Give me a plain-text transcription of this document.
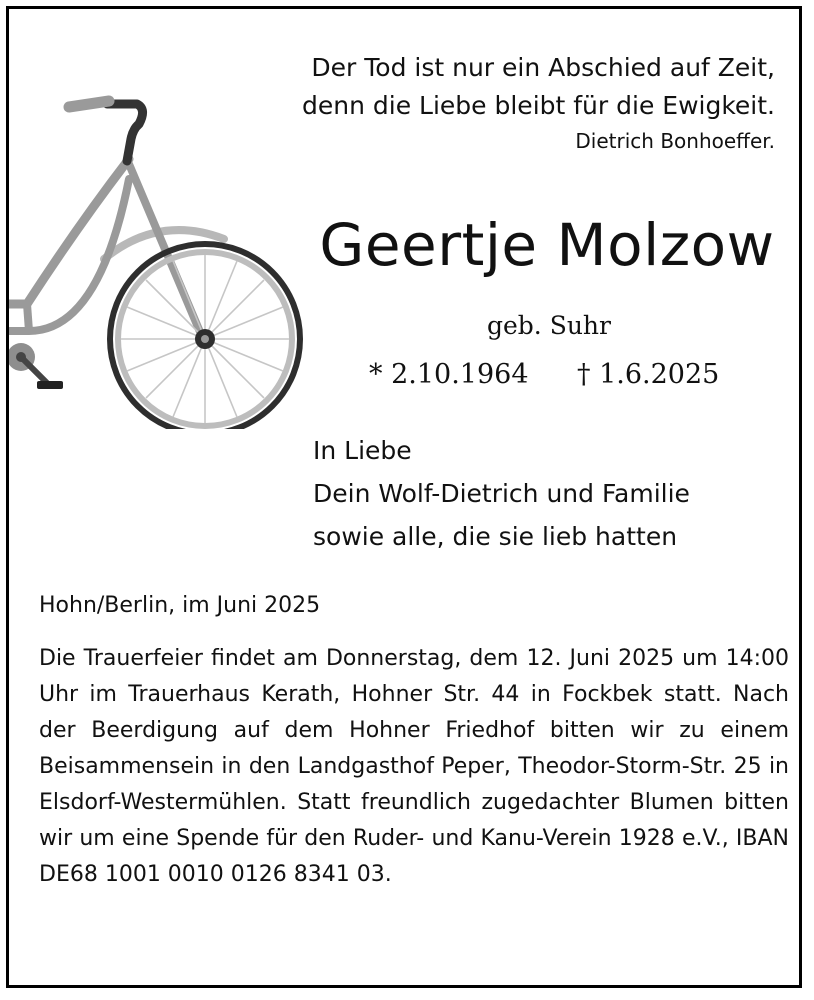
Der Tod ist nur ein Abschied auf Zeit,
denn die Liebe bleibt für die Ewigkeit.
Dietrich Bonhoeffer.
Geertje Molzow
geb. Suhr
* 2.10.1964 † 1.6.2025
In Liebe
Dein Wolf-Dietrich und Familie
sowie alle, die sie lieb hatten
Hohn/Berlin, im Juni 2025
Die Trauerfeier findet am Donnerstag, dem 12. Juni 2025 um 14:00 Uhr im Trauerhaus Kerath, Hohner Str. 44 in Fockbek statt. Nach der Beerdigung auf dem Hohner Friedhof bitten wir zu einem Beisammensein in den Landgasthof Peper, Theodor-Storm-Str. 25 in Elsdorf-Westermühlen. Statt freundlich zugedachter Blumen bitten wir um eine Spende für den Ruder- und Kanu-Verein 1928 e.V., IBAN DE68 1001 0010 0126 8341 03.
